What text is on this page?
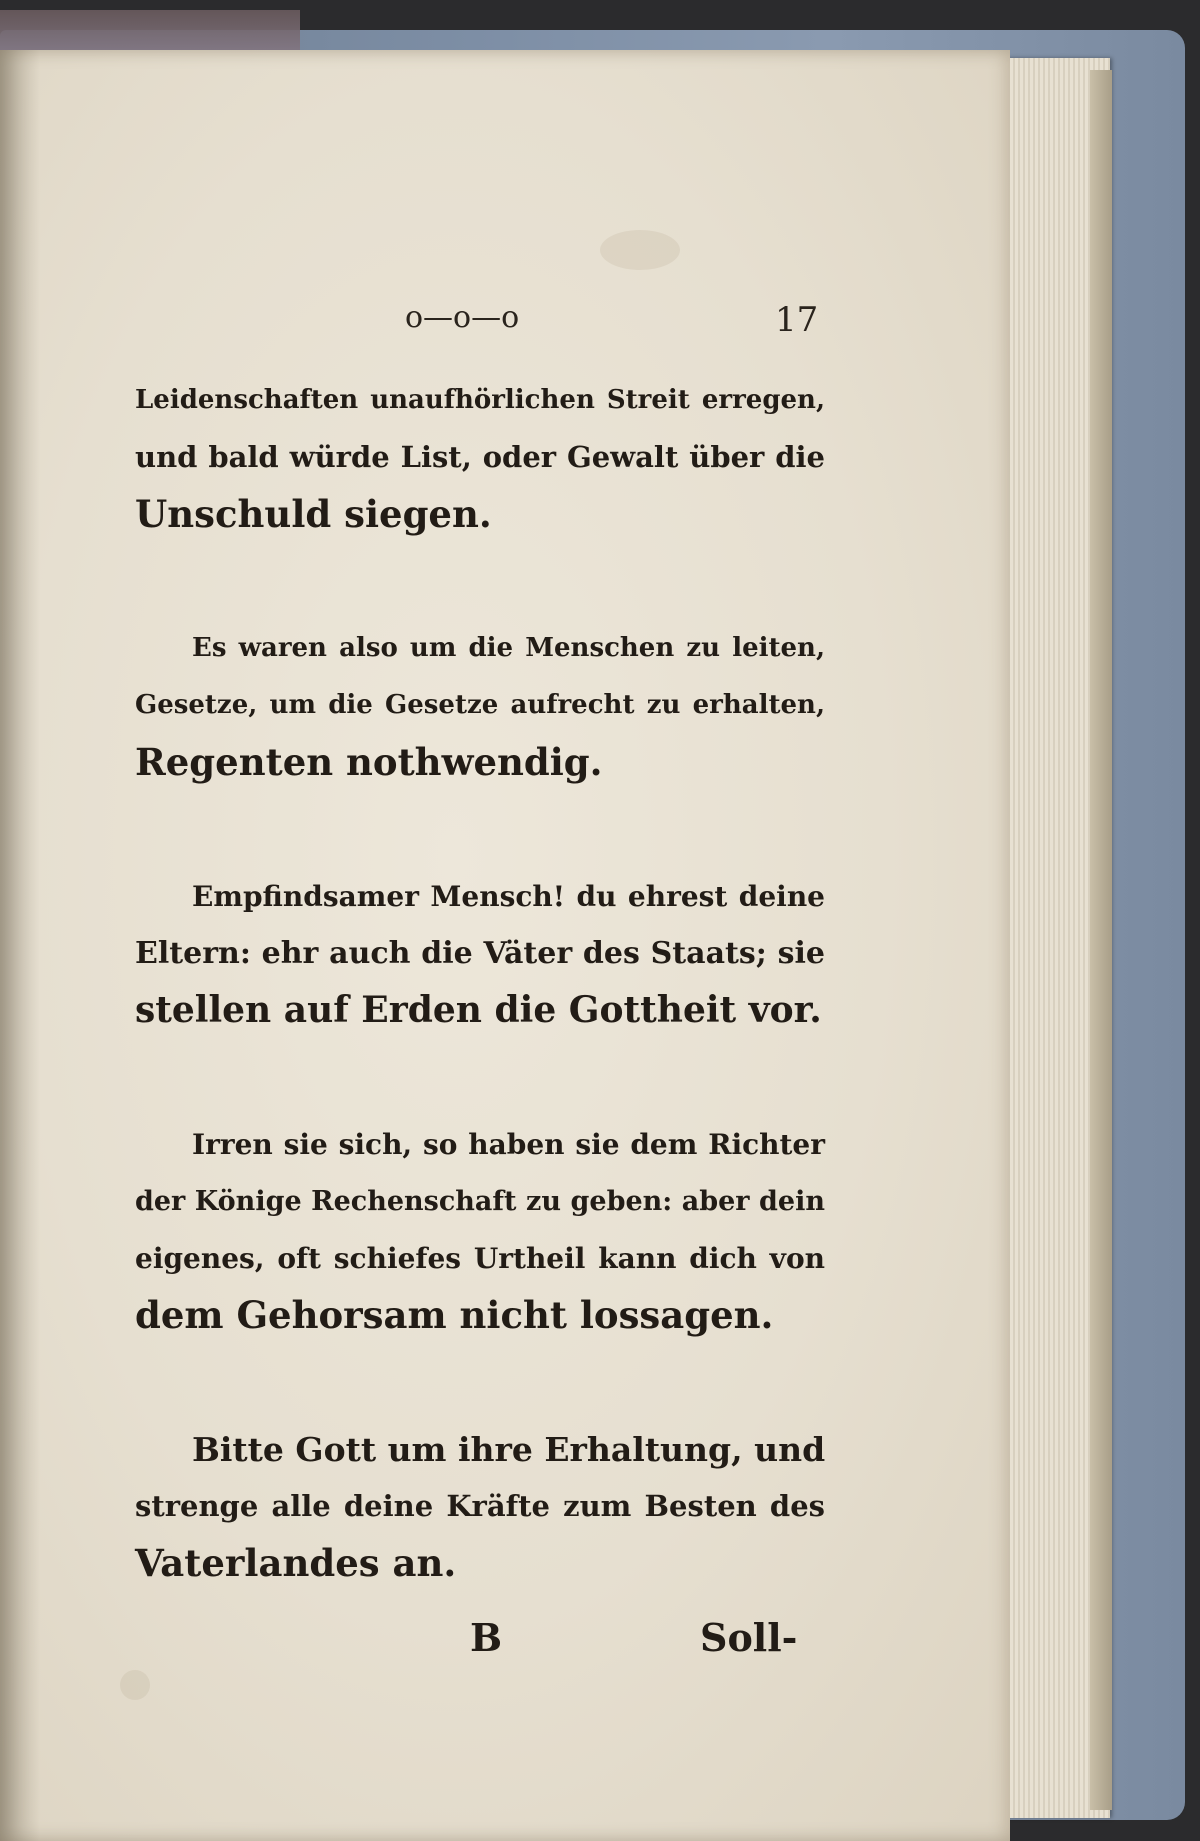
o—o—o	17
Leidenschaften unaufhörlichen Streit erregen,
und bald würde List, oder Gewalt über die
Unschuld siegen.
Es waren also um die Menschen zu leiten,
Gesetze, um die Gesetze aufrecht zu erhalten,
Regenten nothwendig.
Empfindsamer Mensch! du ehrest deine
Eltern: ehr auch die Väter des Staats; sie
stellen auf Erden die Gottheit vor.
Irren sie sich, so haben sie dem Richter
der Könige Rechenschaft zu geben: aber dein
eigenes, oft schiefes Urtheil kann dich von
dem Gehorsam nicht lossagen.
Bitte Gott um ihre Erhaltung, und
strenge alle deine Kräfte zum Besten des
Vaterlandes an.
B	Soll-
